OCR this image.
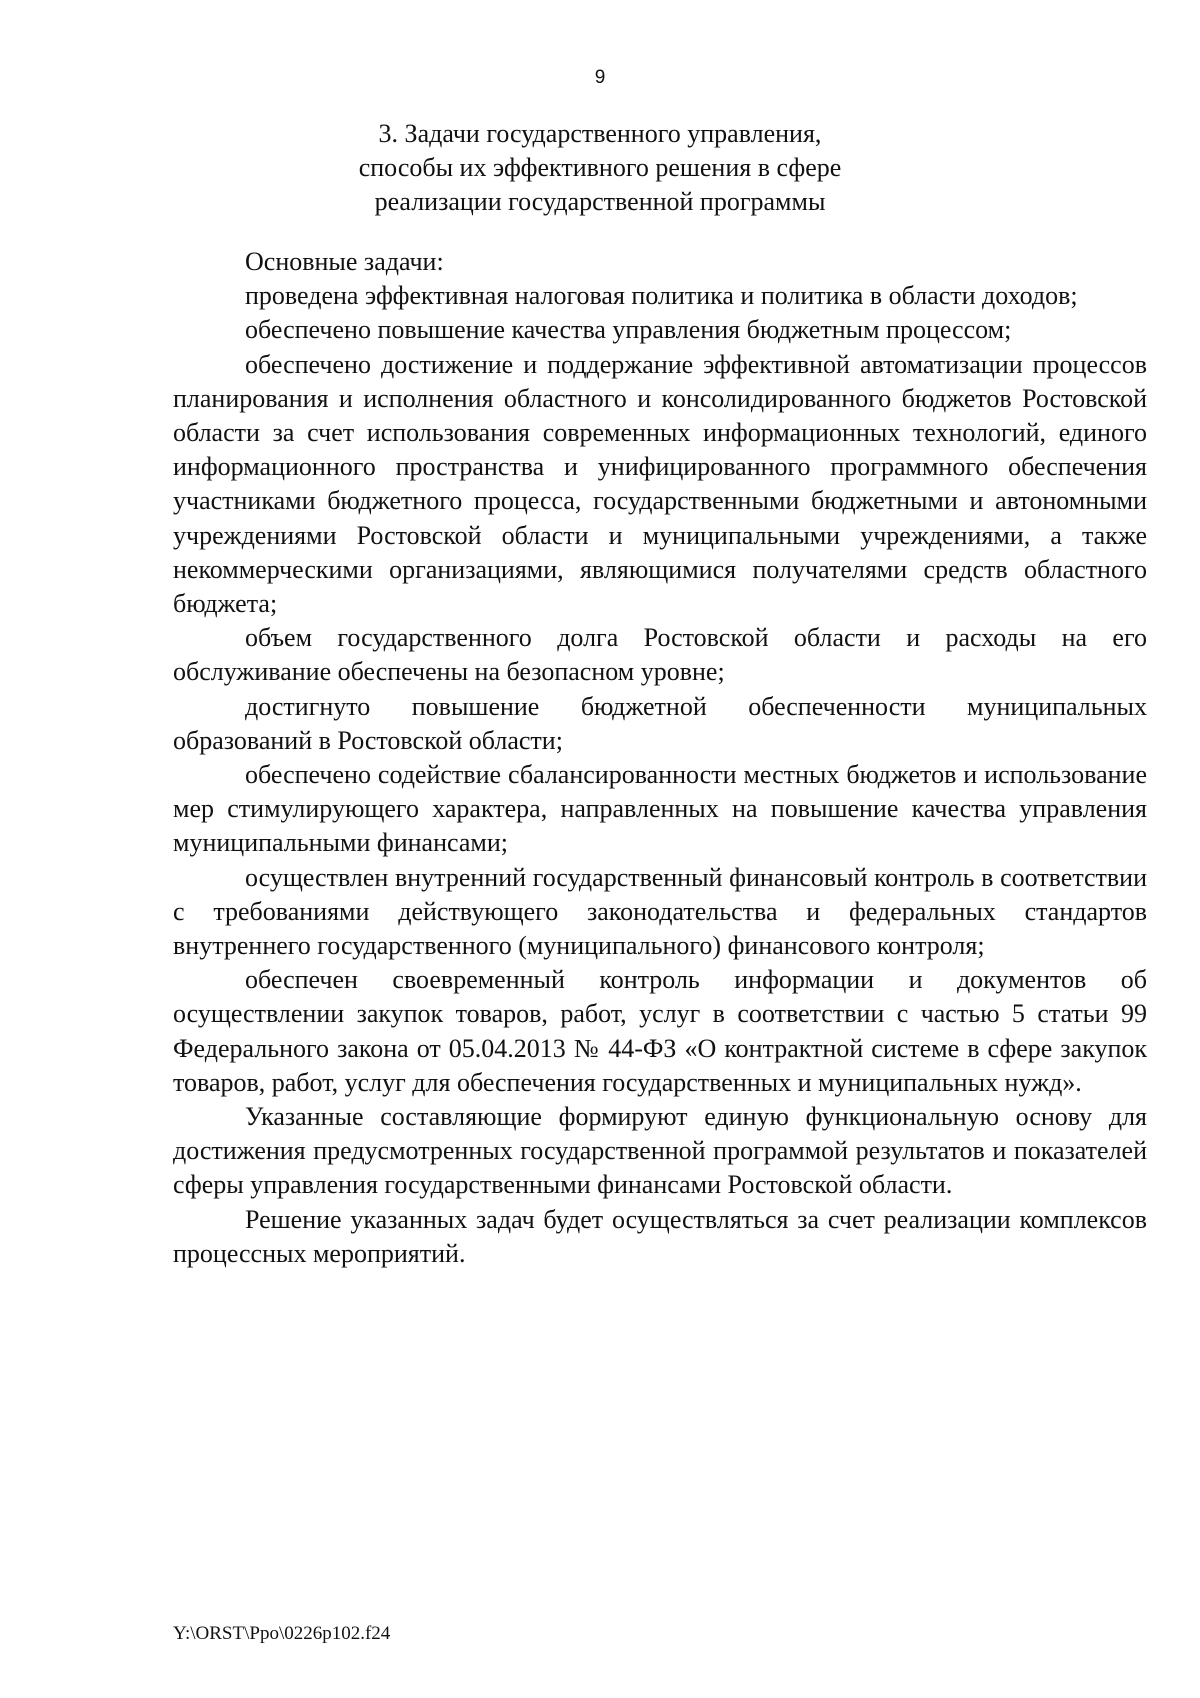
9
3. Задачи государственного управления,
способы их эффективного решения в сфере
реализации государственной программы

Основные задачи:

проведена эффективная налоговая политика и политика в области доходов;

обеспечено повышение качества управления бюджетным процессом;

обеспечено достижение и поддержание эффективной автоматизации процессов планирования и исполнения областного и консолидированного бюджетов Ростовской области за счет использования современных информационных технологий, единого информационного пространства и унифицированного программного обеспечения участниками бюджетного процесса, государственными бюджетными и автономными учреждениями Ростовской области и муниципальными учреждениями, а также некоммерческими организациями, являющимися получателями средств областного бюджета;

объем государственного долга Ростовской области и расходы на его обслуживание обеспечены на безопасном уровне;

достигнуто повышение бюджетной обеспеченности муниципальных образований в Ростовской области;

обеспечено содействие сбалансированности местных бюджетов и использование мер стимулирующего характера, направленных на повышение качества управления муниципальными финансами;

осуществлен внутренний государственный финансовый контроль в соответствии с требованиями действующего законодательства и федеральных стандартов внутреннего государственного (муниципального) финансового контроля;

обеспечен своевременный контроль информации и документов об осуществлении закупок товаров, работ, услуг в соответствии с частью 5 статьи 99 Федерального закона от 05.04.2013 № 44-ФЗ «О контрактной системе в сфере закупок товаров, работ, услуг для обеспечения государственных и муниципальных нужд».

Указанные составляющие формируют единую функциональную основу для достижения предусмотренных государственной программой результатов и показателей сферы управления государственными финансами Ростовской области.

Решение указанных задач будет осуществляться за счет реализации комплексов процессных мероприятий.

Y:\ORST\Ppo\0226p102.f24
